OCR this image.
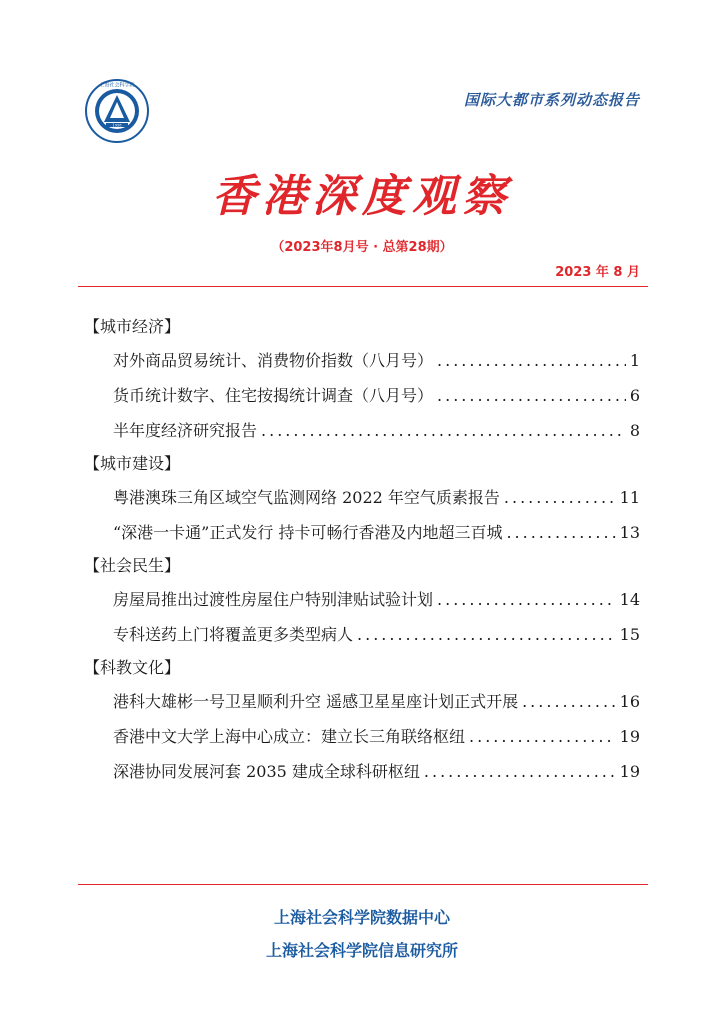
上海社会科学院
1958
国际大都市系列动态报告
香港深度观察
（2023年8月号 · 总第28期）
2023 年 8 月
【城市经济】
对外商品贸易统计、消费物价指数（八月号） .....	1
货币统计数字、住宅按揭统计调查（八月号） .....	6
半年度经济研究报告 .....	8
【城市建设】
粤港澳珠三角区域空气监测网络 2022 年空气质素报告 .....	11
“深港一卡通”正式发行 持卡可畅行香港及内地超三百城 .....	13
【社会民生】
房屋局推出过渡性房屋住户特别津贴试验计划 .....	14
专科送药上门将覆盖更多类型病人 .....	15
【科教文化】
港科大雄彬一号卫星顺利升空 遥感卫星星座计划正式开展 .....	16
香港中文大学上海中心成立：建立长三角联络枢纽 .....	19
深港协同发展河套 2035 建成全球科研枢纽 .....	19
上海社会科学院数据中心
上海社会科学院信息研究所
